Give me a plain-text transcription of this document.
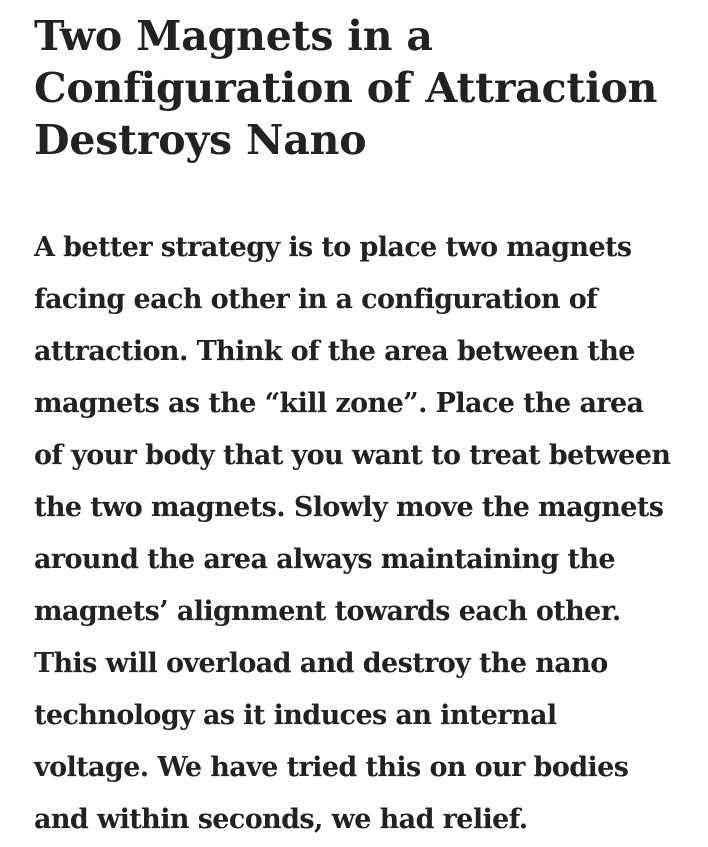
Two Magnets in a
Configuration of Attraction
Destroys Nano

A better strategy is to place two magnets
facing each other in a configuration of
attraction. Think of the area between the
magnets as the “kill zone”. Place the area
of your body that you want to treat between
the two magnets. Slowly move the magnets
around the area always maintaining the
magnets’ alignment towards each other.
This will overload and destroy the nano
technology as it induces an internal
voltage. We have tried this on our bodies
and within seconds, we had relief.
